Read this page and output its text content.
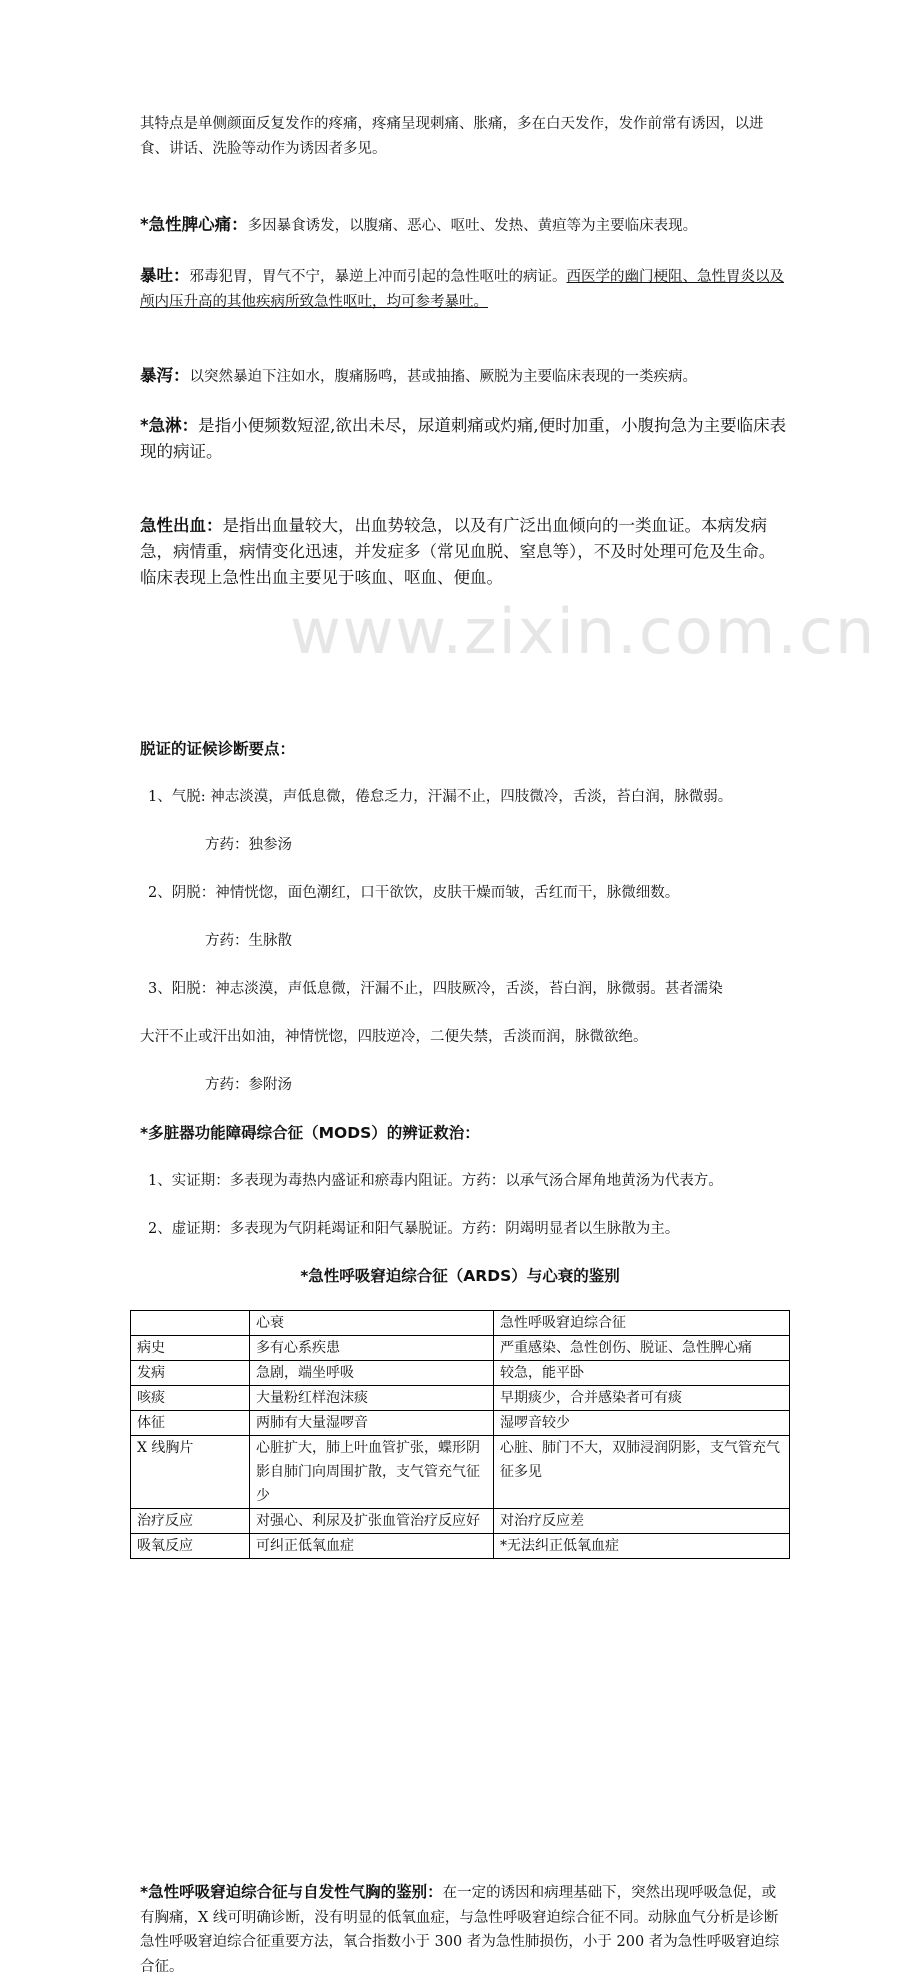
www.zixin.com.cn
其特点是单侧颜面反复发作的疼痛，疼痛呈现刺痛、胀痛，多在白天发作，发作前常有诱因，以进食、讲话、洗脸等动作为诱因者多见。
*急性脾心痛：多因暴食诱发，以腹痛、恶心、呕吐、发热、黄疸等为主要临床表现。
暴吐：邪毒犯胃，胃气不宁，暴逆上冲而引起的急性呕吐的病证。西医学的幽门梗阻、急性胃炎以及颅内压升高的其他疾病所致急性呕吐，均可参考暴吐。
暴泻：以突然暴迫下注如水，腹痛肠鸣，甚或抽搐、厥脱为主要临床表现的一类疾病。
*急淋：是指小便频数短涩,欲出未尽，尿道刺痛或灼痛,便时加重，小腹拘急为主要临床表现的病证。
急性出血：是指出血量较大，出血势较急，以及有广泛出血倾向的一类血证。本病发病急，病情重，病情变化迅速，并发症多（常见血脱、窒息等），不及时处理可危及生命。临床表现上急性出血主要见于咳血、呕血、便血。
脱证的证候诊断要点：
1、气脱: 神志淡漠，声低息微，倦怠乏力，汗漏不止，四肢微冷，舌淡，苔白润，脉微弱。
方药：独参汤
2、阴脱：神情恍惚，面色潮红，口干欲饮，皮肤干燥而皱，舌红而干，脉微细数。
方药：生脉散
3、阳脱：神志淡漠，声低息微，汗漏不止，四肢厥冷，舌淡，苔白润，脉微弱。甚者濡染
大汗不止或汗出如油，神情恍惚，四肢逆冷，二便失禁，舌淡而润，脉微欲绝。
方药：参附汤
*多脏器功能障碍综合征（MODS）的辨证救治：
1、实证期：多表现为毒热内盛证和瘀毒内阻证。方药：以承气汤合犀角地黄汤为代表方。
2、虚证期：多表现为气阴耗竭证和阳气暴脱证。方药：阴竭明显者以生脉散为主。
*急性呼吸窘迫综合征（ARDS）与心衰的鉴别
	心衰	急性呼吸窘迫综合征
病史	多有心系疾患	严重感染、急性创伤、脱证、急性脾心痛
发病	急剧，端坐呼吸	较急，能平卧
咳痰	大量粉红样泡沫痰	早期痰少，合并感染者可有痰
体征	两肺有大量湿啰音	湿啰音较少
X 线胸片	心脏扩大，肺上叶血管扩张，蝶形阴影自肺门向周围扩散，支气管充气征少	心脏、肺门不大，双肺浸润阴影，支气管充气征多见
治疗反应	对强心、利尿及扩张血管治疗反应好	对治疗反应差
吸氧反应	可纠正低氧血症	*无法纠正低氧血症
*急性呼吸窘迫综合征与自发性气胸的鉴别：在一定的诱因和病理基础下，突然出现呼吸急促，或有胸痛，X 线可明确诊断，没有明显的低氧血症，与急性呼吸窘迫综合征不同。动脉血气分析是诊断急性呼吸窘迫综合征重要方法，氧合指数小于 300 者为急性肺损伤，小于 200 者为急性呼吸窘迫综合征。
